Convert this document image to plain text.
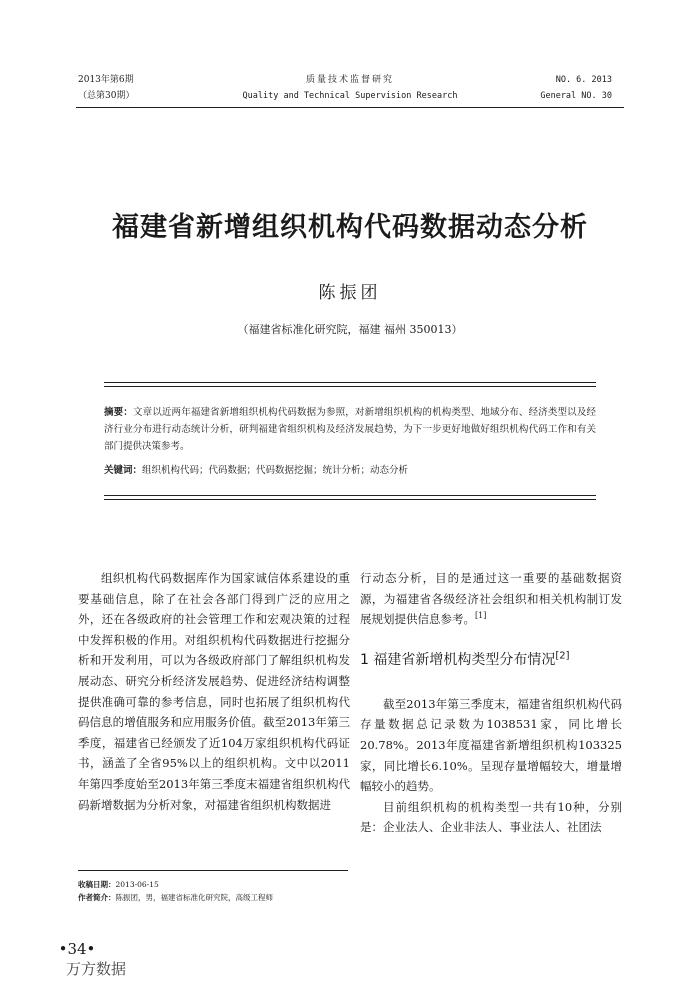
2013年第6期
（总第30期）
质量技术监督研究
Quality and Technical Supervision Research
NO. 6. 2013
General NO. 30
福建省新增组织机构代码数据动态分析
陈振团
（福建省标准化研究院，福建 福州 350013）
摘要：文章以近两年福建省新增组织机构代码数据为参照，对新增组织机构的机构类型、地域分布、经济类型以及经济行业分布进行动态统计分析，研判福建省组织机构及经济发展趋势，为下一步更好地做好组织机构代码工作和有关部门提供决策参考。
关键词：组织机构代码；代码数据；代码数据挖掘；统计分析；动态分析

组织机构代码数据库作为国家诚信体系建设的重要基础信息，除了在社会各部门得到广泛的应用之外，还在各级政府的社会管理工作和宏观决策的过程中发挥积极的作用。对组织机构代码数据进行挖掘分析和开发利用，可以为各级政府部门了解组织机构发展动态、研究分析经济发展趋势、促进经济结构调整提供准确可靠的参考信息，同时也拓展了组织机构代码信息的增值服务和应用服务价值。截至2013年第三季度，福建省已经颁发了近104万家组织机构代码证书，涵盖了全省95%以上的组织机构。文中以2011年第四季度始至2013年第三季度末福建省组织机构代码新增数据为分析对象，对福建省组织机构数据进

行动态分析，目的是通过这一重要的基础数据资源，为福建省各级经济社会组织和相关机构制订发展规划提供信息参考。[1]

1 福建省新增机构类型分布情况[2]

截至2013年第三季度末，福建省组织机构代码存量数据总记录数为1038531家，同比增长20.78%。2013年度福建省新增组织机构103325家，同比增长6.10%。呈现存量增幅较大，增量增幅较小的趋势。

目前组织机构的机构类型一共有10种，分别是：企业法人、企业非法人、事业法人、社团法

收稿日期：2013-06-15
作者简介：陈振团，男，福建省标准化研究院，高级工程师
•34•
万方数据
